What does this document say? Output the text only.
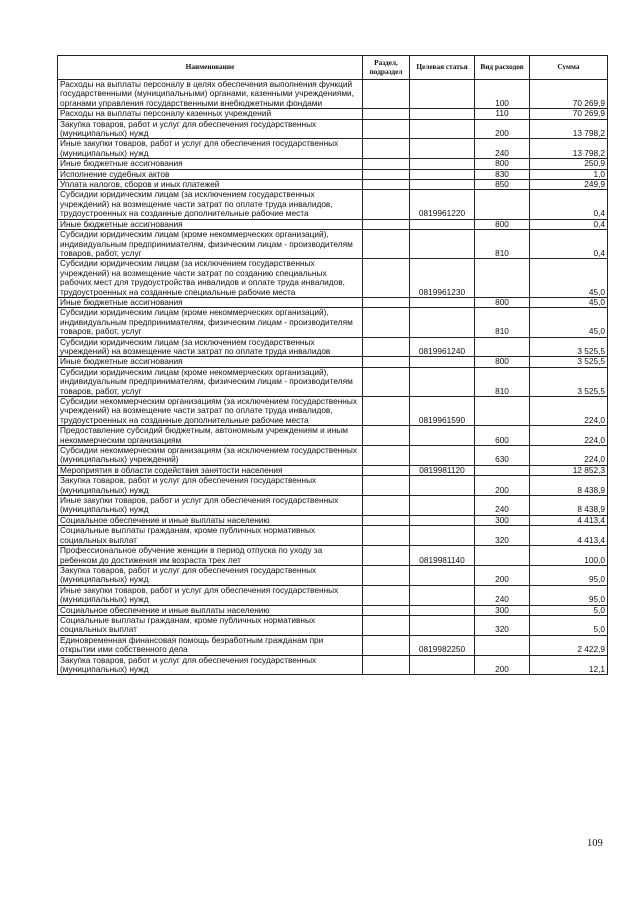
Наименование	Раздел, подраздел	Целевая статья	Вид расходов	Сумма
Расходы на выплаты персоналу в целях обеспечения выполнения функций государственными (муниципальными) органами, казенными учреждениями, органами управления государственными внебюджетными фондами			100	70 269,9
Расходы на выплаты персоналу казенных учреждений			110	70 269,9
Закупка товаров, работ и услуг для обеспечения государственных (муниципальных) нужд			200	13 798,2
Иные закупки товаров, работ и услуг для обеспечения государственных (муниципальных) нужд			240	13 798,2
Иные бюджетные ассигнования			800	250,9
Исполнение судебных актов			830	1,0
Уплата налогов, сборов и иных платежей			850	249,9
Субсидии юридическим лицам (за исключением государственных учреждений) на возмещение части затрат по оплате труда инвалидов, трудоустроенных на созданные дополнительные рабочие места		0819961220		0,4
Иные бюджетные ассигнования			800	0,4
Субсидии юридическим лицам (кроме некоммерческих организаций), индивидуальным предпринимателям, физическим лицам - производителям товаров, работ, услуг			810	0,4
Субсидии юридическим лицам (за исключением государственных учреждений) на возмещение части затрат по созданию специальных рабочих мест для трудоустройства инвалидов и оплате труда инвалидов, трудоустроенных на созданные специальные рабочие места		0819961230		45,0
Иные бюджетные ассигнования			800	45,0
Субсидии юридическим лицам (кроме некоммерческих организаций), индивидуальным предпринимателям, физическим лицам - производителям товаров, работ, услуг			810	45,0
Субсидии юридическим лицам (за исключением государственных учреждений) на возмещение части затрат по оплате труда инвалидов		0819961240		3 525,5
Иные бюджетные ассигнования			800	3 525,5
Субсидии юридическим лицам (кроме некоммерческих организаций), индивидуальным предпринимателям, физическим лицам - производителям товаров, работ, услуг			810	3 525,5
Субсидии некоммерческим организациям (за исключением государственных учреждений) на возмещение части затрат по оплате труда инвалидов, трудоустроенных на созданные дополнительные рабочие места		0819961590		224,0
Предоставление субсидий бюджетным, автономным учреждениям и иным некоммерческим организациям			600	224,0
Субсидии некоммерческим организациям (за исключением государственных (муниципальных) учреждений)			630	224,0
Мероприятия в области содействия занятости населения		0819981120		12 852,3
Закупка товаров, работ и услуг для обеспечения государственных (муниципальных) нужд			200	8 438,9
Иные закупки товаров, работ и услуг для обеспечения государственных (муниципальных) нужд			240	8 438,9
Социальное обеспечение и иные выплаты населению			300	4 413,4
Социальные выплаты гражданам, кроме публичных нормативных социальных выплат			320	4 413,4
Профессиональное обучение женщин в период отпуска по уходу за ребенком до достижения им возраста трех лет		0819981140		100,0
Закупка товаров, работ и услуг для обеспечения государственных (муниципальных) нужд			200	95,0
Иные закупки товаров, работ и услуг для обеспечения государственных (муниципальных) нужд			240	95,0
Социальное обеспечение и иные выплаты населению			300	5,0
Социальные выплаты гражданам, кроме публичных нормативных социальных выплат			320	5,0
Единовременная финансовая помощь безработным гражданам при открытии ими собственного дела		0819982250		2 422,9
Закупка товаров, работ и услуг для обеспечения государственных (муниципальных) нужд			200	12,1
109
